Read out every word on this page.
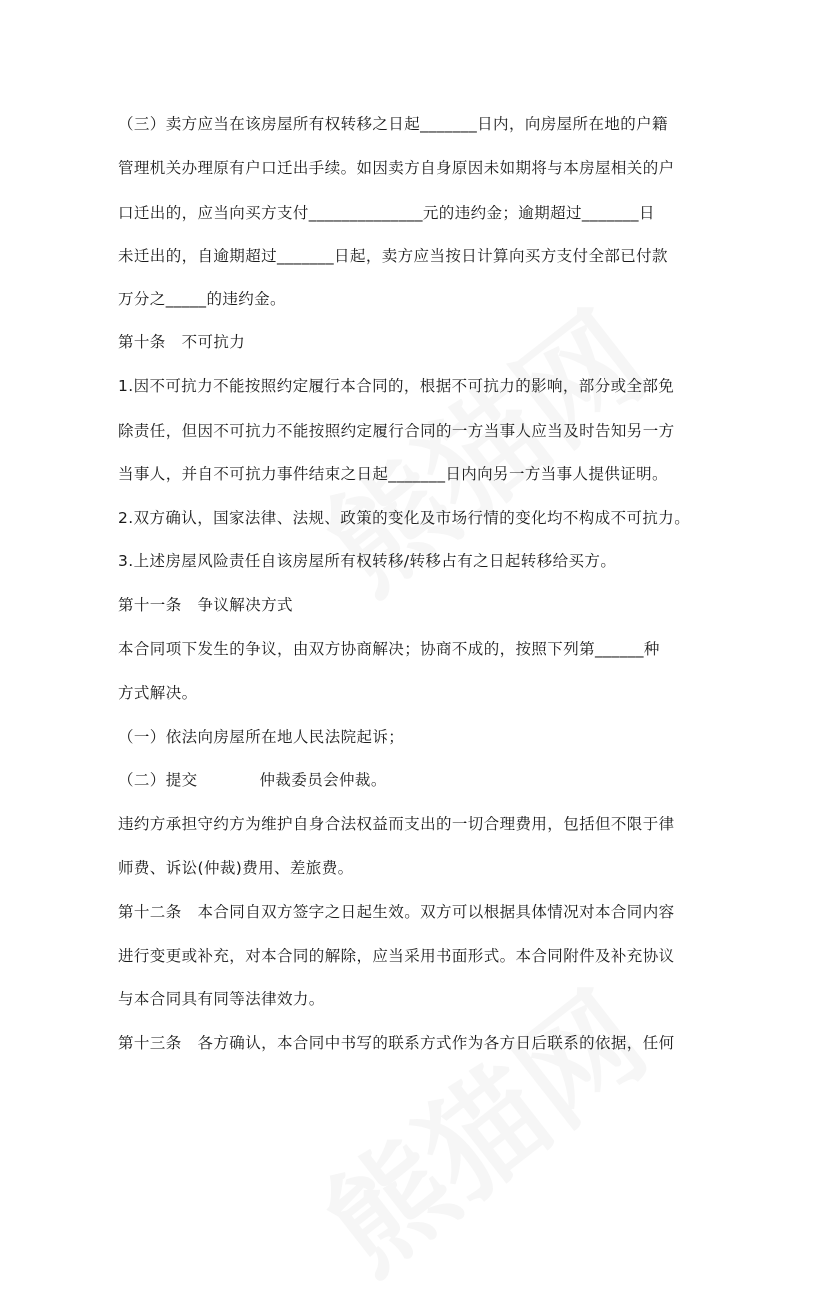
（三）卖方应当在该房屋所有权转移之日起_______日内，向房屋所在地的户籍
管理机关办理原有户口迁出手续。如因卖方自身原因未如期将与本房屋相关的户
口迁出的，应当向买方支付______________元的违约金；逾期超过_______日
未迁出的，自逾期超过_______日起，卖方应当按日计算向买方支付全部已付款
万分之_____的违约金。
第十条　不可抗力
1.因不可抗力不能按照约定履行本合同的，根据不可抗力的影响，部分或全部免
除责任，但因不可抗力不能按照约定履行合同的一方当事人应当及时告知另一方
当事人，并自不可抗力事件结束之日起_______日内向另一方当事人提供证明。
2.双方确认，国家法律、法规、政策的变化及市场行情的变化均不构成不可抗力。
3.上述房屋风险责任自该房屋所有权转移/转移占有之日起转移给买方。
第十一条　争议解决方式
本合同项下发生的争议，由双方协商解决；协商不成的，按照下列第______种
方式解决。
（一）依法向房屋所在地人民法院起诉；
（二）提交	仲裁委员会仲裁。
违约方承担守约方为维护自身合法权益而支出的一切合理费用，包括但不限于律
师费、诉讼(仲裁)费用、差旅费。
第十二条　本合同自双方签字之日起生效。双方可以根据具体情况对本合同内容
进行变更或补充，对本合同的解除，应当采用书面形式。本合同附件及补充协议
与本合同具有同等法律效力。
第十三条　各方确认，本合同中书写的联系方式作为各方日后联系的依据，任何
